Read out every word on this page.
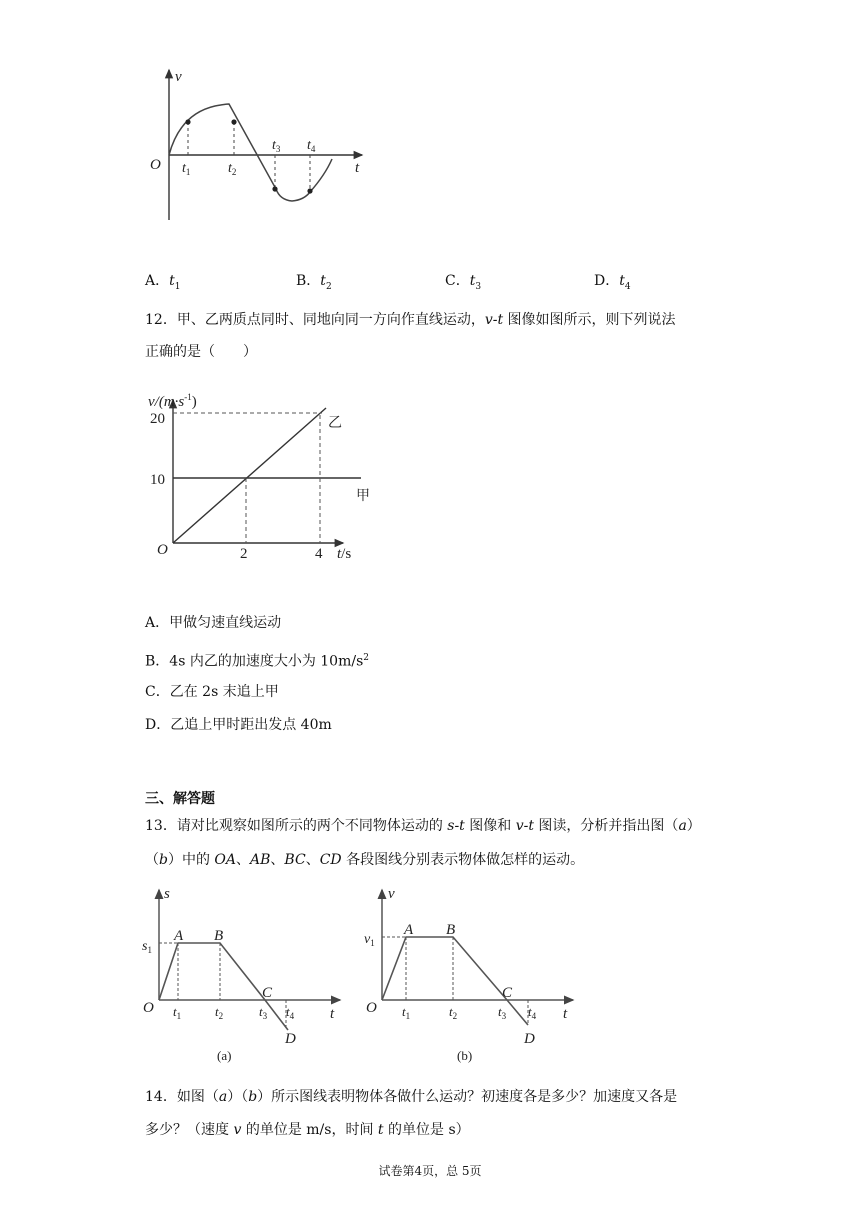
v
t
O $t_1$	$t_2$
$t_3$ $t_4$
A．$t_1$	B．$t_2$	C．$t_3$	D．$t_4$
12．甲、乙两质点同时、同地向同一方向作直线运动，v-t 图像如图所示，则下列说法
正确的是（　　）
$v/(m\cdot s^{-1})$
20
10
O	2	4 t/s
乙
甲
A．甲做匀速直线运动
B．4s 内乙的加速度大小为 $10m/s^2$
C．乙在 2s 末追上甲
D．乙追上甲时距出发点 40m
三、解答题
13．请对比观察如图所示的两个不同物体运动的 s-t 图像和 v-t 图读，分析并指出图（a）
（b）中的 OA、AB、BC、CD 各段图线分别表示物体做怎样的运动。
s
$s_1$
A B
C
D
O $t_1$	$t_2$	$t_3$ $t_4$ t
(a)
v
$v_1$
A B
C
D
O $t_1$	$t_2$	$t_3$ $t_4$ t
(b)
14．如图（a）（b）所示图线表明物体各做什么运动？初速度各是多少？加速度又各是
多少？（速度 v 的单位是 m/s，时间 t 的单位是 s）
试卷第4页，总 5页
